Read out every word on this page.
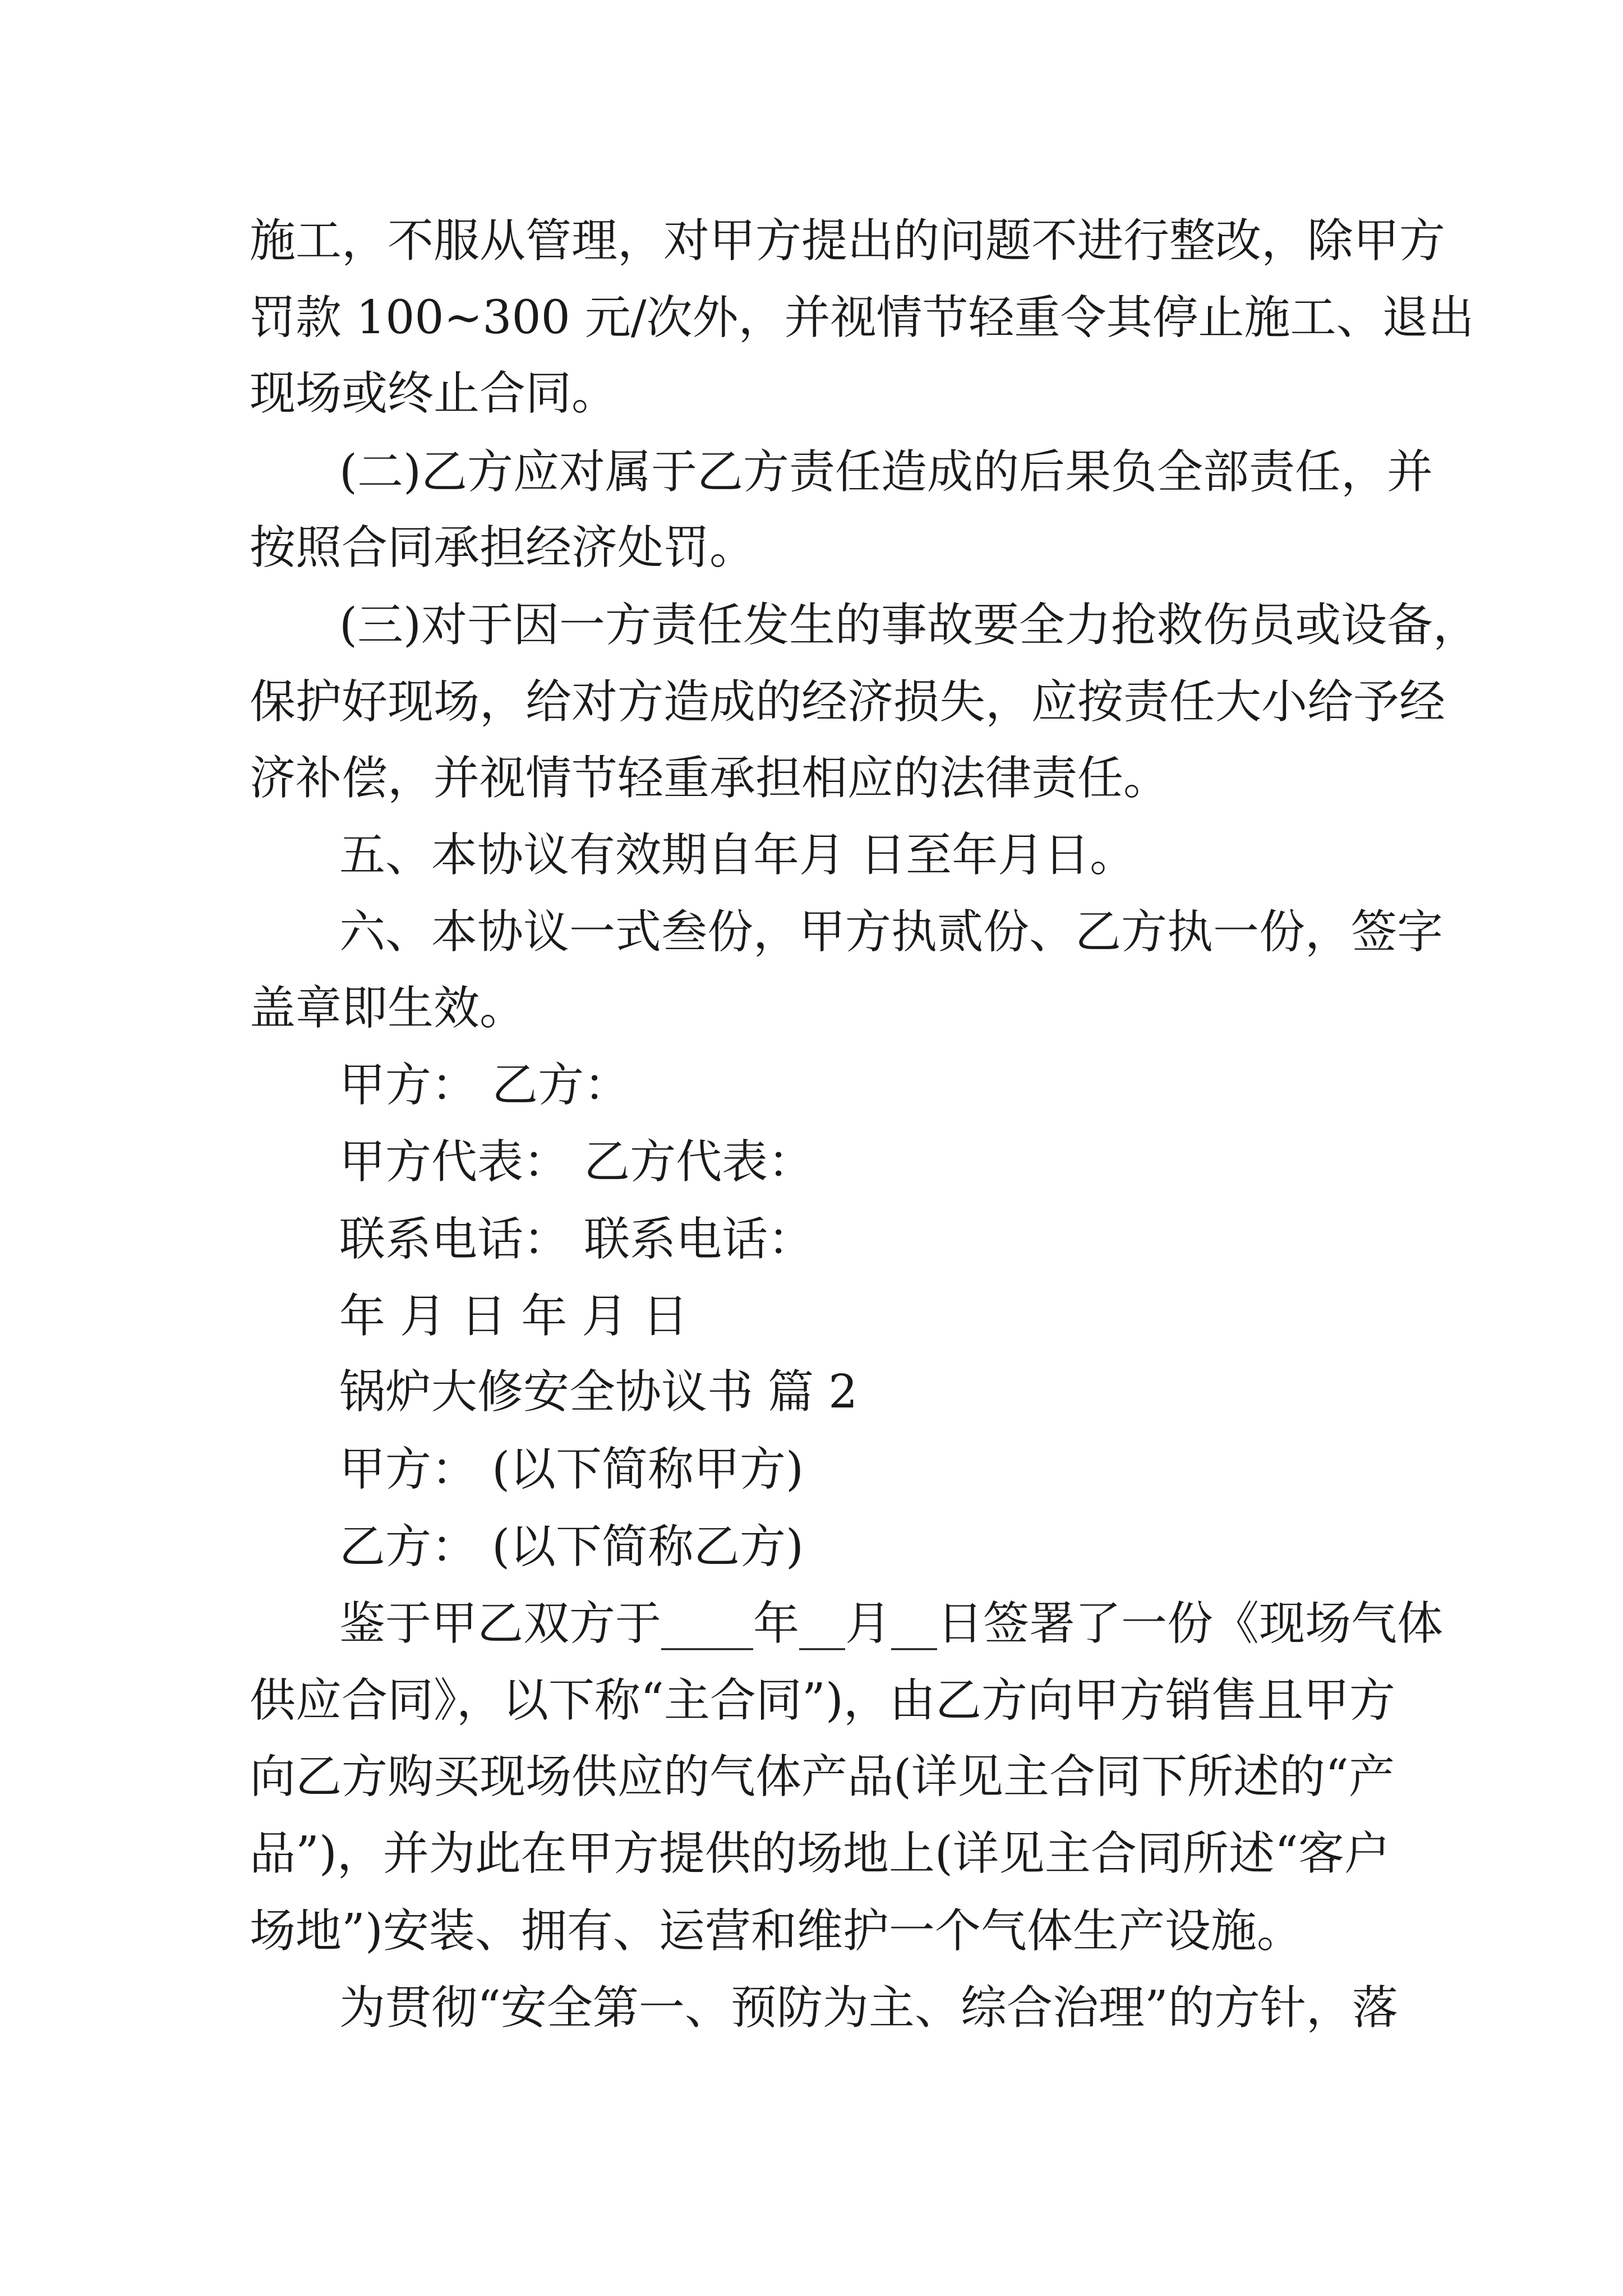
施工，不服从管理，对甲方提出的问题不进行整改，除甲方
罚款 100~300 元/次外，并视情节轻重令其停止施工、退出
现场或终止合同。
(二)乙方应对属于乙方责任造成的后果负全部责任，并
按照合同承担经济处罚。
(三)对于因一方责任发生的事故要全力抢救伤员或设备，
保护好现场，给对方造成的经济损失，应按责任大小给予经
济补偿，并视情节轻重承担相应的法律责任。
五、本协议有效期自年月 日至年月日。
六、本协议一式叁份，甲方执贰份、乙方执一份，签字
盖章即生效。
甲方： 乙方：
甲方代表： 乙方代表：
联系电话： 联系电话：
年 月 日 年 月 日
锅炉大修安全协议书 篇 2
甲方： (以下简称甲方)
乙方： (以下简称乙方)
鉴于甲乙双方于____年__月__日签署了一份《现场气体
供应合同》，以下称“主合同”)，由乙方向甲方销售且甲方
向乙方购买现场供应的气体产品(详见主合同下所述的“产
品”)，并为此在甲方提供的场地上(详见主合同所述“客户
场地”)安装、拥有、运营和维护一个气体生产设施。
为贯彻“安全第一、预防为主、综合治理”的方针，落
